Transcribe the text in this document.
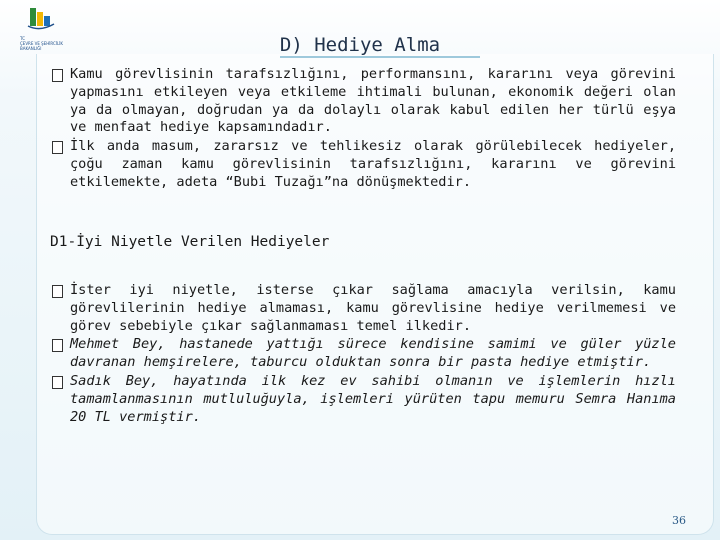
TC
ÇEVRE VE ŞEHİRCİLİK
BAKANLIĞI	D) Hediye Alma
Kamu görevlisinin tarafsızlığını, performansını, kararını veya görevini yapmasını etkileyen veya etkileme ihtimali bulunan, ekonomik değeri olan ya da olmayan, doğrudan ya da dolaylı olarak kabul edilen her türlü eşya ve menfaat hediye kapsamındadır.
İlk anda masum, zararsız ve tehlikesiz olarak görülebilecek hediyeler, çoğu zaman kamu görevlisinin tarafsızlığını, kararını ve görevini etkilemekte, adeta “Bubi Tuzağı”na dönüşmektedir.
D1-İyi Niyetle Verilen Hediyeler
İster iyi niyetle, isterse çıkar sağlama amacıyla verilsin, kamu görevlilerinin hediye almaması, kamu görevlisine hediye verilmemesi ve görev sebebiyle çıkar sağlanmaması temel ilkedir.
Mehmet Bey, hastanede yattığı sürece kendisine samimi ve güler yüzle davranan hemşirelere, taburcu olduktan sonra bir pasta hediye etmiştir.
Sadık Bey, hayatında ilk kez ev sahibi olmanın ve işlemlerin hızlı tamamlanmasının mutluluğuyla, işlemleri yürüten tapu memuru Semra Hanıma 20 TL vermiştir.
36
